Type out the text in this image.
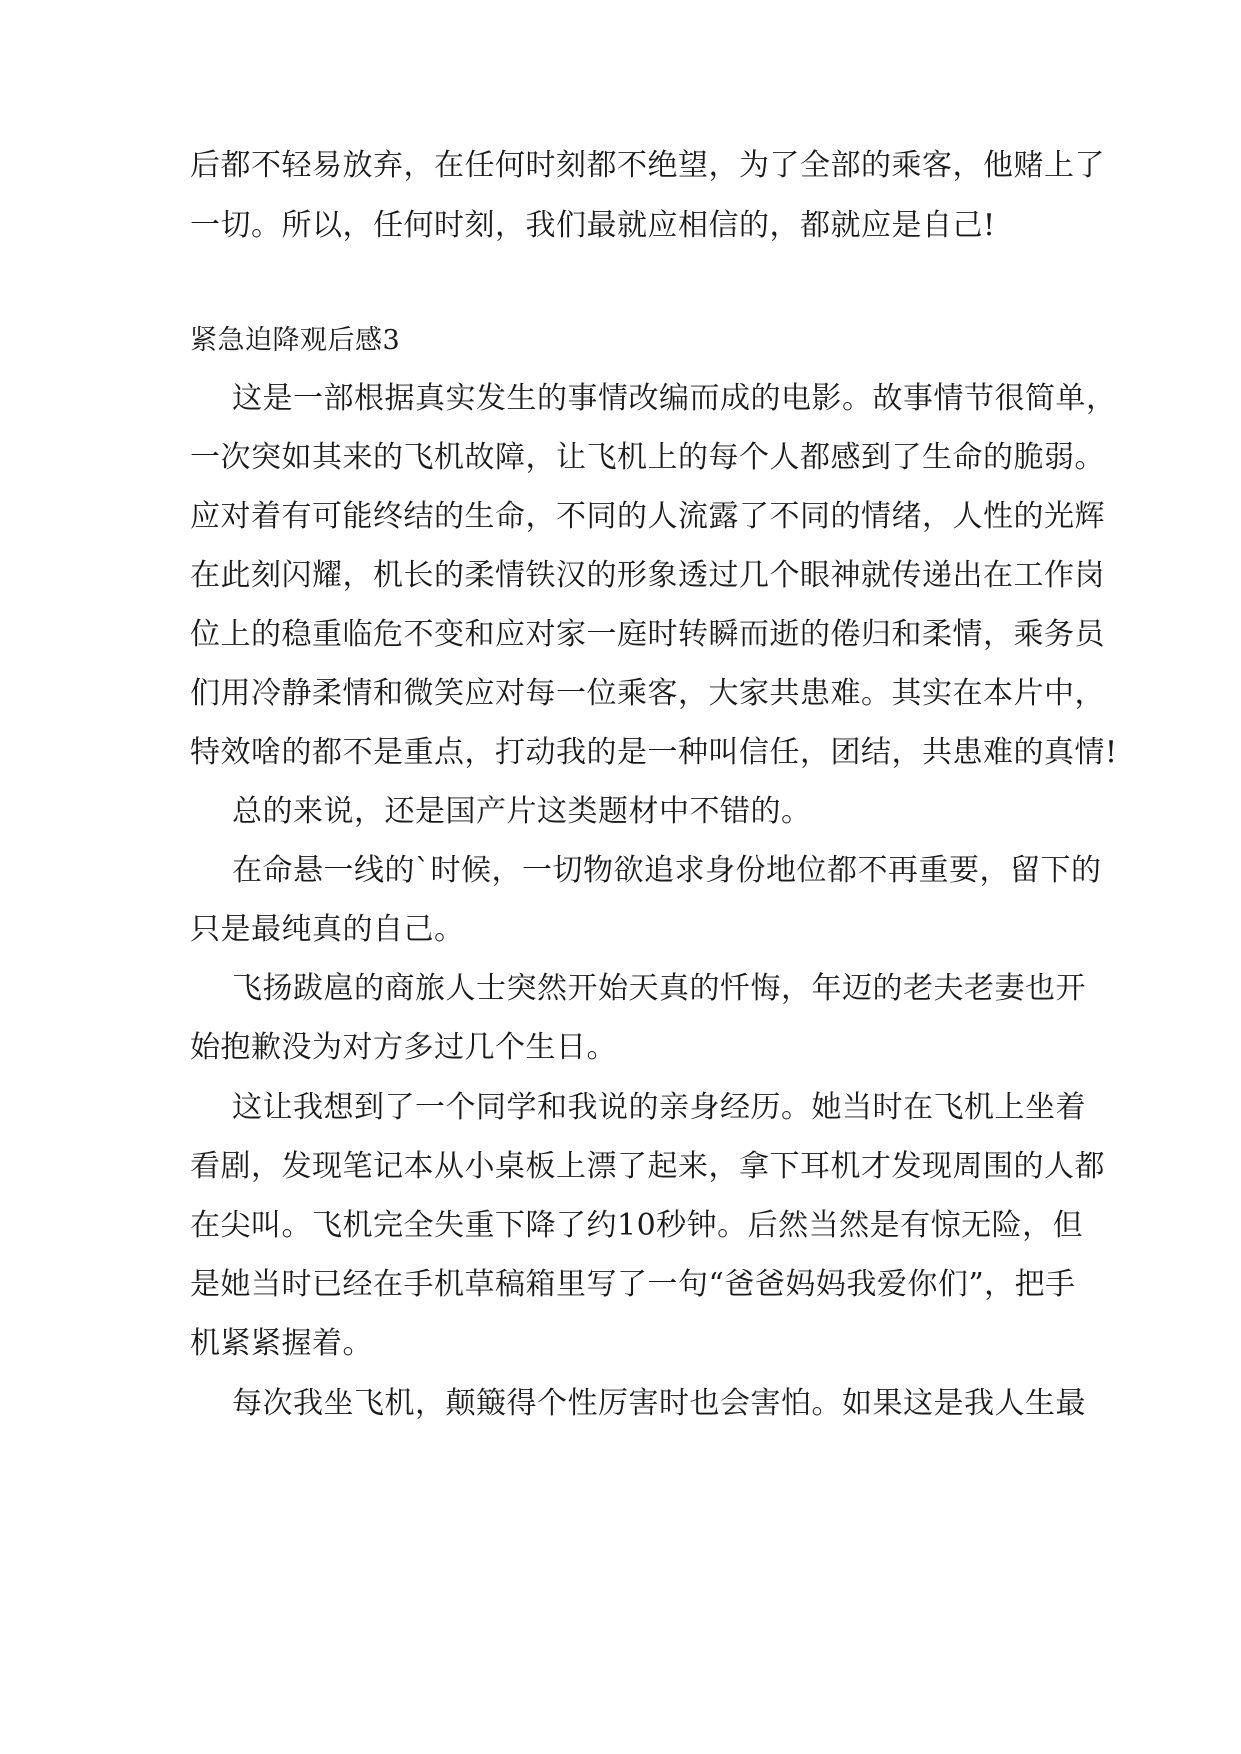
后都不轻易放弃，在任何时刻都不绝望，为了全部的乘客，他赌上了
一切。所以，任何时刻，我们最就应相信的，都就应是自己!
紧急迫降观后感3
这是一部根据真实发生的事情改编而成的电影。故事情节很简单，
一次突如其来的飞机故障，让飞机上的每个人都感到了生命的脆弱。
应对着有可能终结的生命，不同的人流露了不同的情绪，人性的光辉
在此刻闪耀，机长的柔情铁汉的形象透过几个眼神就传递出在工作岗
位上的稳重临危不变和应对家一庭时转瞬而逝的倦归和柔情，乘务员
们用冷静柔情和微笑应对每一位乘客，大家共患难。其实在本片中，
特效啥的都不是重点，打动我的是一种叫信任，团结，共患难的真情!
总的来说，还是国产片这类题材中不错的。
在命悬一线的`时候，一切物欲追求身份地位都不再重要，留下的
只是最纯真的自己。
飞扬跋扈的商旅人士突然开始天真的忏悔，年迈的老夫老妻也开
始抱歉没为对方多过几个生日。
这让我想到了一个同学和我说的亲身经历。她当时在飞机上坐着
看剧，发现笔记本从小桌板上漂了起来，拿下耳机才发现周围的人都
在尖叫。飞机完全失重下降了约10秒钟。后然当然是有惊无险，但
是她当时已经在手机草稿箱里写了一句“爸爸妈妈我爱你们”，把手
机紧紧握着。
每次我坐飞机，颠簸得个性厉害时也会害怕。如果这是我人生最
